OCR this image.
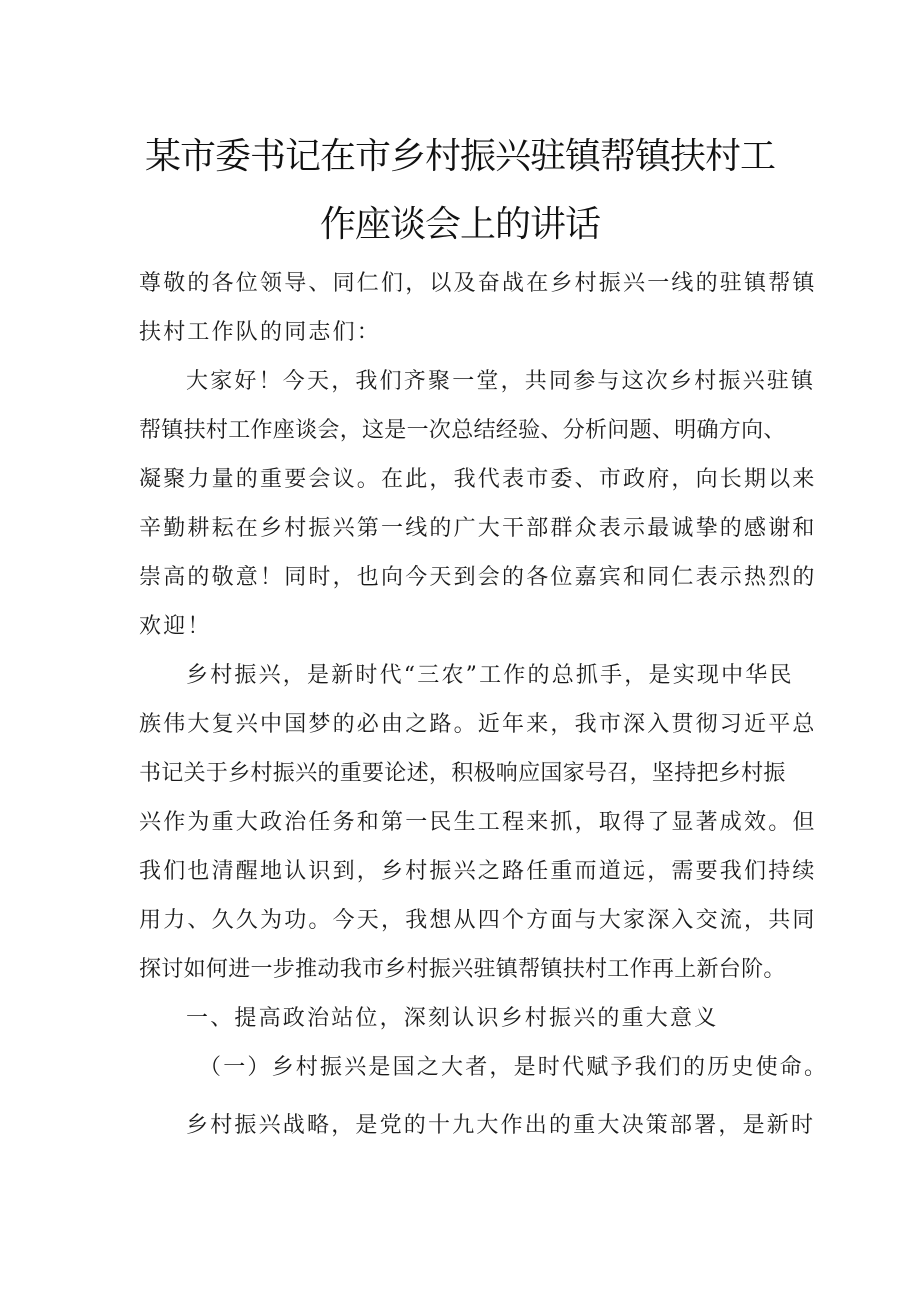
某市委书记在市乡村振兴驻镇帮镇扶村工
作座谈会上的讲话
尊敬的各位领导、同仁们，以及奋战在乡村振兴一线的驻镇帮镇
扶村工作队的同志们：
大家好！今天，我们齐聚一堂，共同参与这次乡村振兴驻镇
帮镇扶村工作座谈会，这是一次总结经验、分析问题、明确方向、
凝聚力量的重要会议。在此，我代表市委、市政府，向长期以来
辛勤耕耘在乡村振兴第一线的广大干部群众表示最诚挚的感谢和
崇高的敬意！同时，也向今天到会的各位嘉宾和同仁表示热烈的
欢迎！
乡村振兴，是新时代“三农”工作的总抓手，是实现中华民
族伟大复兴中国梦的必由之路。近年来，我市深入贯彻习近平总
书记关于乡村振兴的重要论述，积极响应国家号召，坚持把乡村振
兴作为重大政治任务和第一民生工程来抓，取得了显著成效。但
我们也清醒地认识到，乡村振兴之路任重而道远，需要我们持续
用力、久久为功。今天，我想从四个方面与大家深入交流，共同
探讨如何进一步推动我市乡村振兴驻镇帮镇扶村工作再上新台阶。
一、提高政治站位，深刻认识乡村振兴的重大意义
（一）乡村振兴是国之大者，是时代赋予我们的历史使命。
乡村振兴战略，是党的十九大作出的重大决策部署，是新时
